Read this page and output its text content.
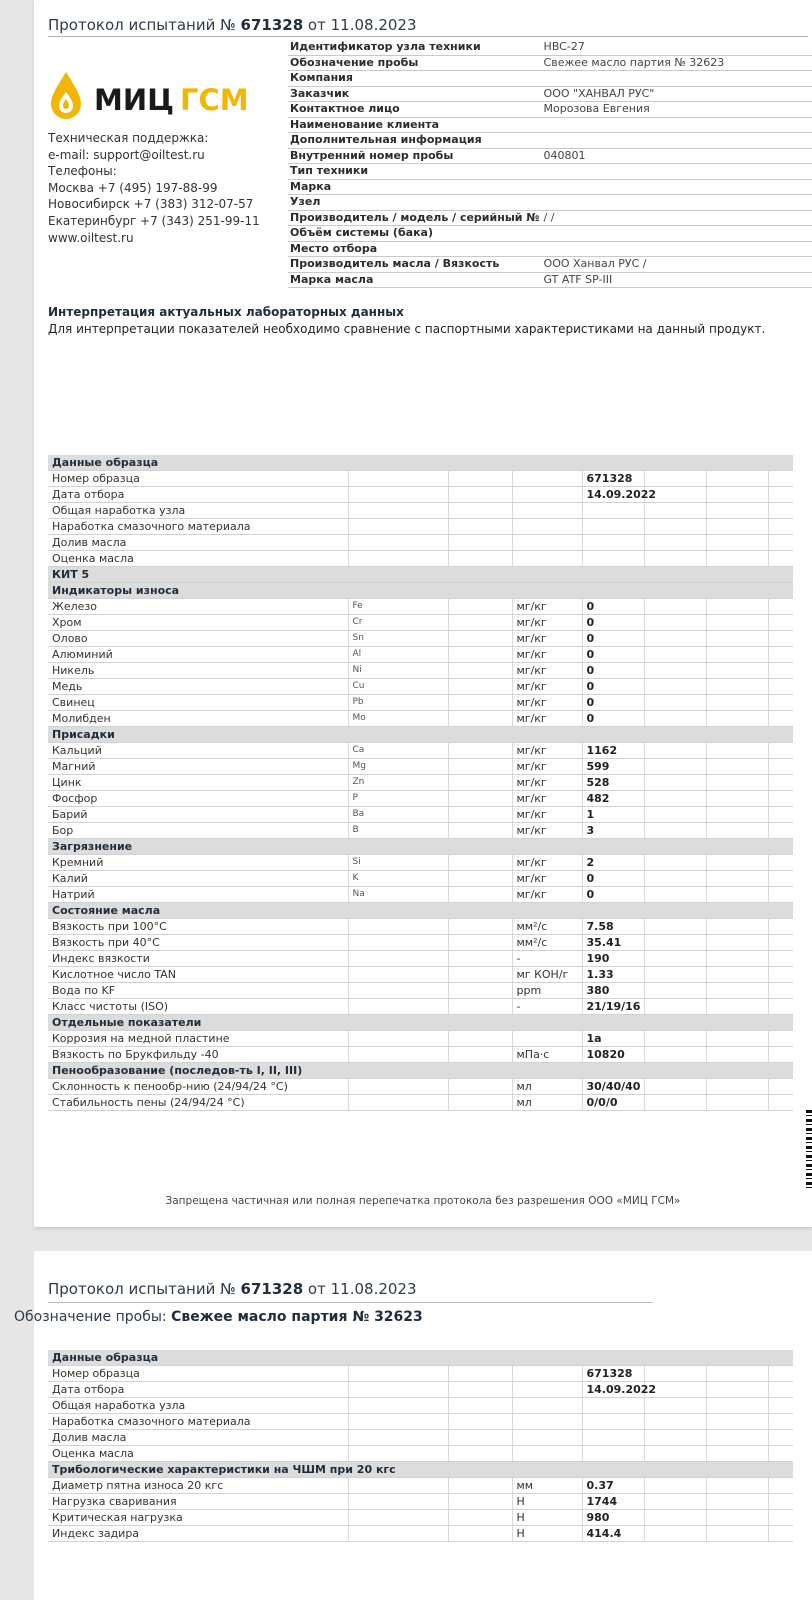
Протокол испытаний № 671328 от 11.08.2023
МИЦ ГСМ
Техническая поддержка:
e-mail: support@oiltest.ru
Телефоны:
Москва +7 (495) 197-88-99
Новосибирск +7 (383) 312-07-57
Екатеринбург +7 (343) 251-99-11
www.oiltest.ru
Идентификатор узла техники	HBC-27
Обозначение пробы	Свежее масло партия № 32623
Компания	
Заказчик	ООО "ХАНВАЛ РУС"
Контактное лицо	Морозова Евгения
Наименование клиента	
Дополнительная информация	
Внутренний номер пробы	040801
Тип техники	
Марка	
Узел	
Производитель / модель / серийный №	/ /
Объём системы (бака)	
Место отбора	
Производитель масла / Вязкость	ООО Ханвал РУС /
Марка масла	GT ATF SP-III
Интерпретация актуальных лабораторных данных
Для интерпретации показателей необходимо сравнение с паспортными характеристиками на данный продукт.
Данные образца							
Номер образца				671328			
Дата отбора				14.09.2022			
Общая наработка узла							
Наработка смазочного материала							
Долив масла							
Оценка масла							
КИТ 5							
Индикаторы износа							
Железо	Fe		мг/кг	0			
Хром	Cr		мг/кг	0			
Олово	Sn		мг/кг	0			
Алюминий	Al		мг/кг	0			
Никель	Ni		мг/кг	0			
Медь	Cu		мг/кг	0			
Свинец	Pb		мг/кг	0			
Молибден	Mo		мг/кг	0			
Присадки							
Кальций	Ca		мг/кг	1162			
Магний	Mg		мг/кг	599			
Цинк	Zn		мг/кг	528			
Фосфор	P		мг/кг	482			
Барий	Ba		мг/кг	1			
Бор	B		мг/кг	3			
Загрязнение							
Кремний	Si		мг/кг	2			
Калий	K		мг/кг	0			
Натрий	Na		мг/кг	0			
Состояние масла							
Вязкость при 100°С			мм²/с	7.58			
Вязкость при 40°С			мм²/с	35.41			
Индекс вязкости			-	190			
Кислотное число TAN			мг КОН/г	1.33			
Вода по KF			ppm	380			
Класс чистоты (ISO)			-	21/19/16			
Отдельные показатели							
Коррозия на медной пластине				1a			
Вязкость по Брукфильду -40			мПа·с	10820			
Пенообразование (последов-ть I, II, III)							
Склонность к пенообр-нию (24/94/24 °С)			мл	30/40/40			
Стабильность пены (24/94/24 °С)			мл	0/0/0			
Запрещена частичная или полная перепечатка протокола без разрешения ООО «МИЦ ГСМ»
Протокол испытаний № 671328 от 11.08.2023
Обозначение пробы: Свежее масло партия № 32623
Данные образца							
Номер образца				671328			
Дата отбора				14.09.2022			
Общая наработка узла							
Наработка смазочного материала							
Долив масла							
Оценка масла							
Трибологические характеристики на ЧШМ при 20 кгс							
Диаметр пятна износа 20 кгс			мм	0.37			
Нагрузка сваривания			Н	1744			
Критическая нагрузка			Н	980			
Индекс задира			Н	414.4			
